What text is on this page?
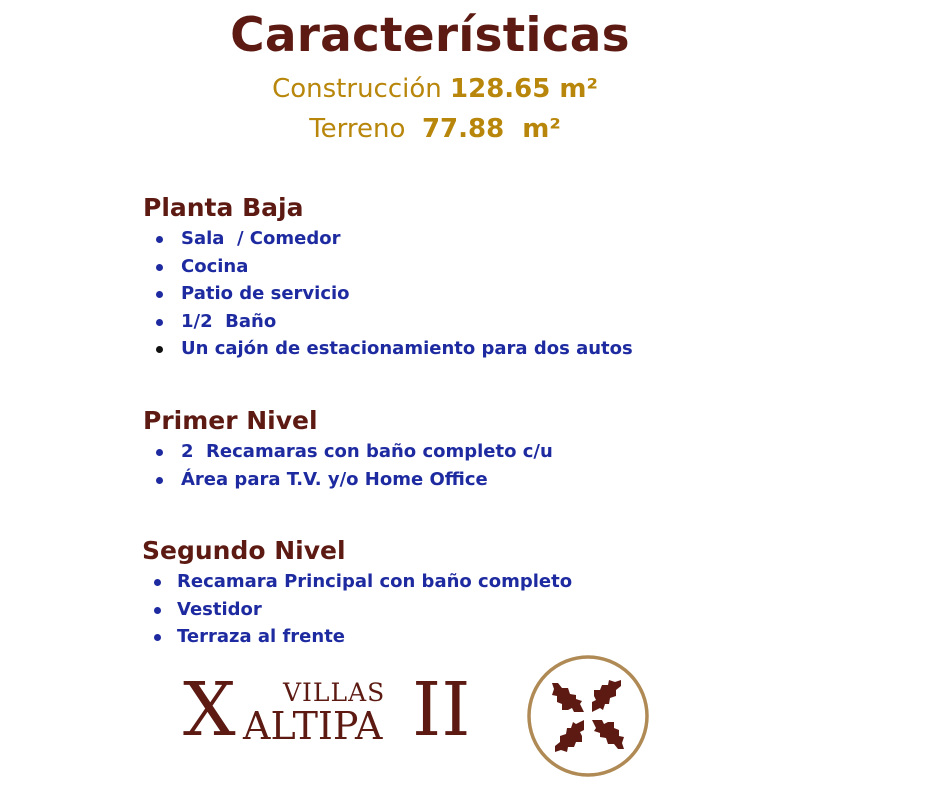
Características
Construcción 128.65 m²
Terreno 77.88  m²
Planta Baja
Sala  / Comedor
Cocina
Patio de servicio
1/2  Baño
Un cajón de estacionamiento para dos autos
Primer Nivel
2  Recamaras con baño completo c/u
Área para T.V. y/o Home Office
Segundo Nivel
Recamara Principal con baño completo
Vestidor
Terraza al frente
VILLAS
X ALTIPA II
